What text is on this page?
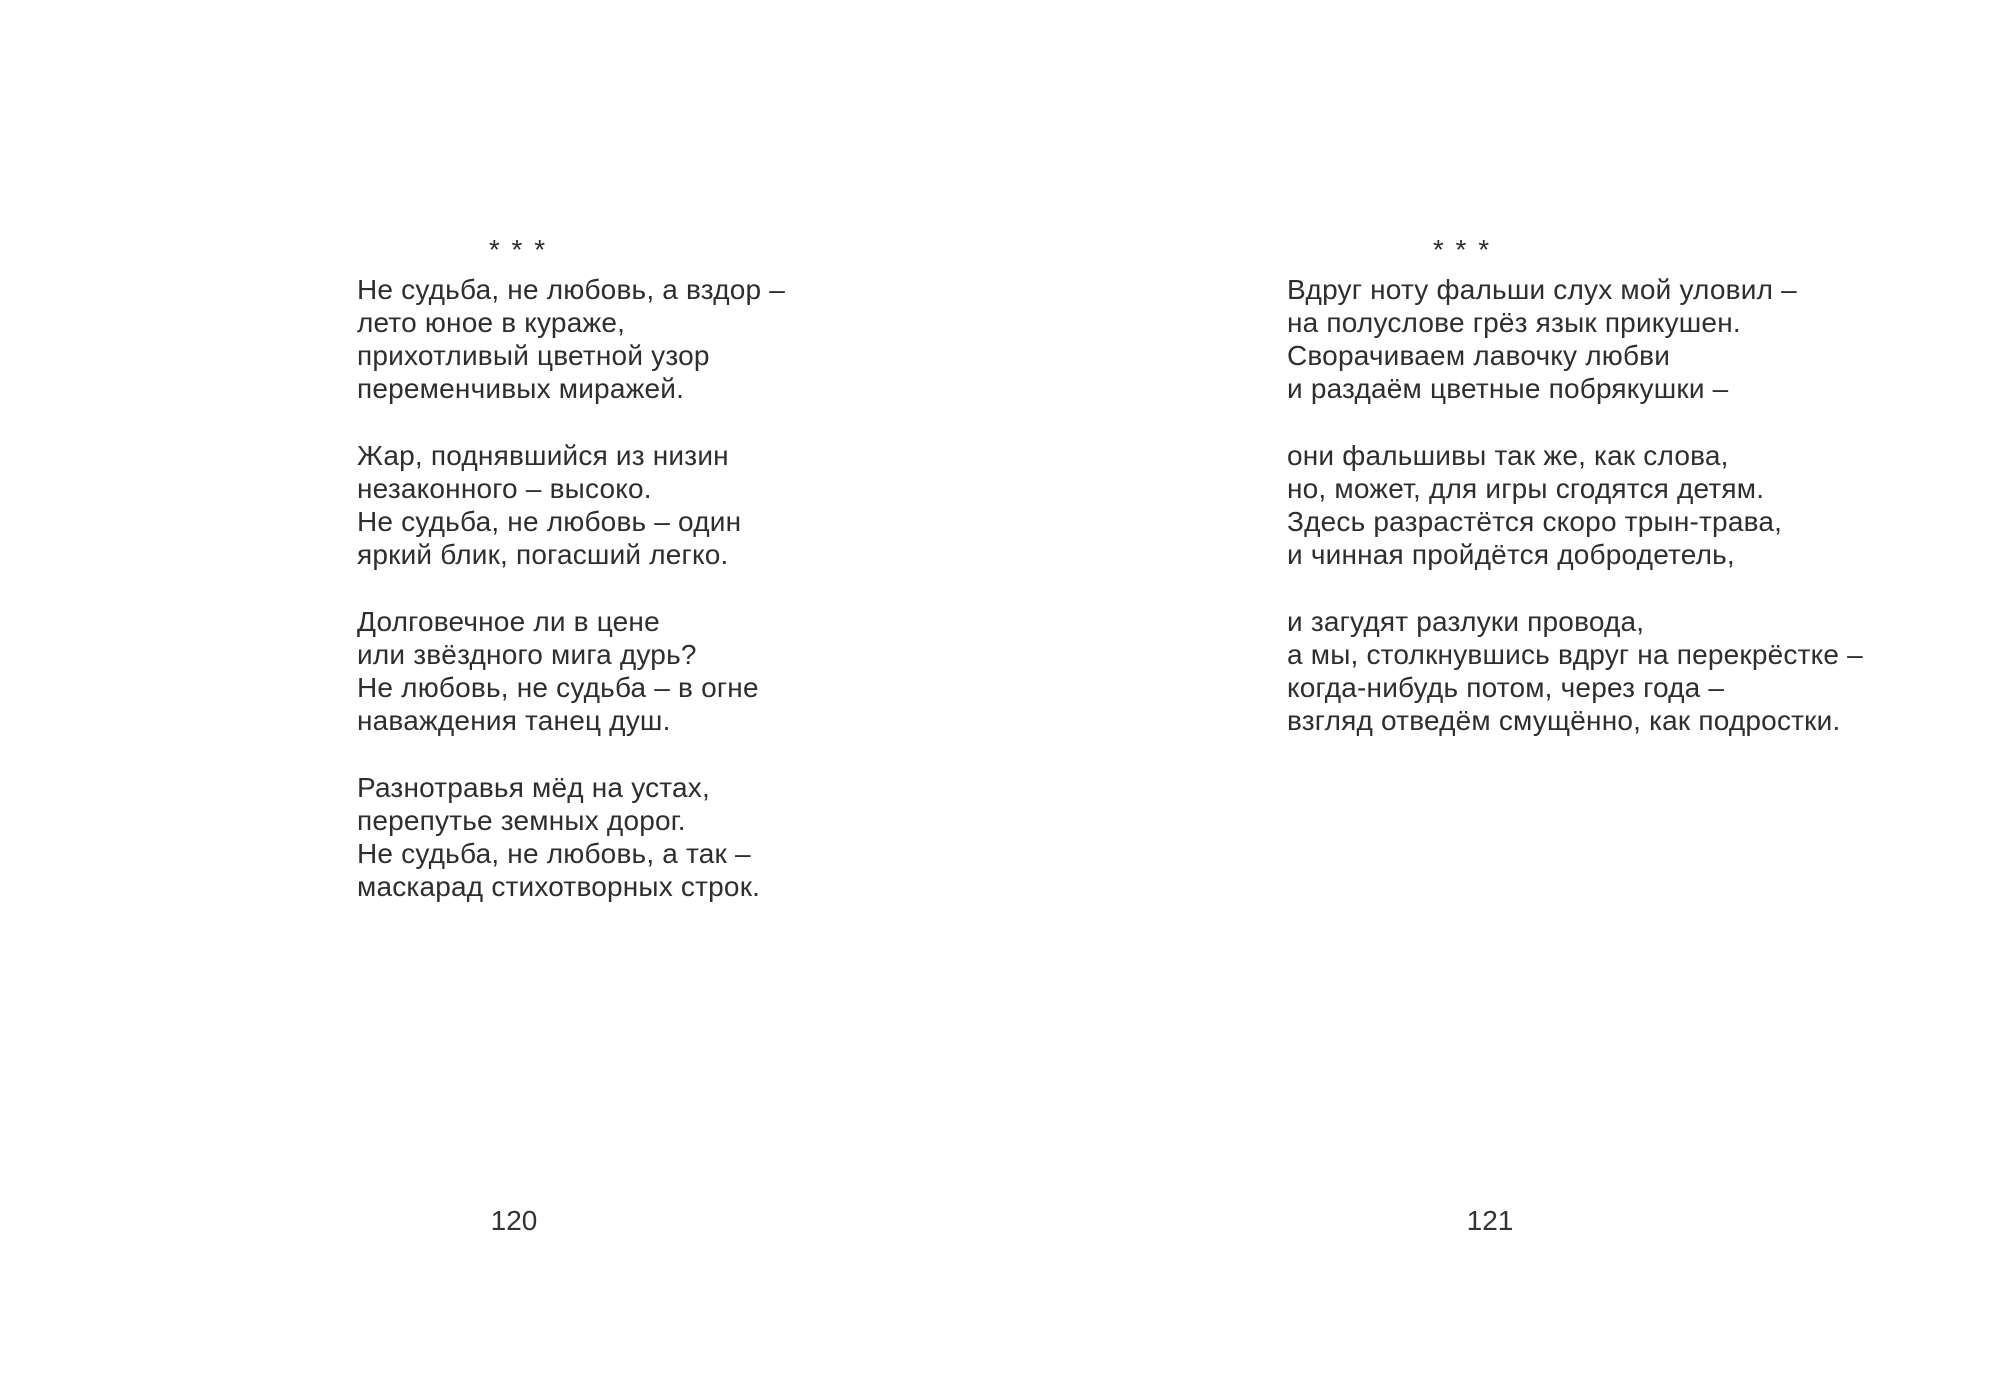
* * *

Не судьба, не любовь, а вздор –
лето юное в кураже,
прихотливый цветной узор
переменчивых миражей.

Жар, поднявшийся из низин
незаконного – высоко.
Не судьба, не любовь – один
яркий блик, погасший легко.

Долговечное ли в цене
или звёздного мига дурь?
Не любовь, не судьба – в огне
наваждения танец душ.

Разнотравья мёд на устах,
перепутье земных дорог.
Не судьба, не любовь, а так –
маскарад стихотворных строк.

* * *

Вдруг ноту фальши слух мой уловил –
на полуслове грёз язык прикушен.
Сворачиваем лавочку любви
и раздаём цветные побрякушки –

они фальшивы так же, как слова,
но, может, для игры сгодятся детям.
Здесь разрастётся скоро трын-трава,
и чинная пройдётся добродетель,

и загудят разлуки провода,
а мы, столкнувшись вдруг на перекрёстке –
когда-нибудь потом, через года –
взгляд отведём смущённо, как подростки.

120	121
